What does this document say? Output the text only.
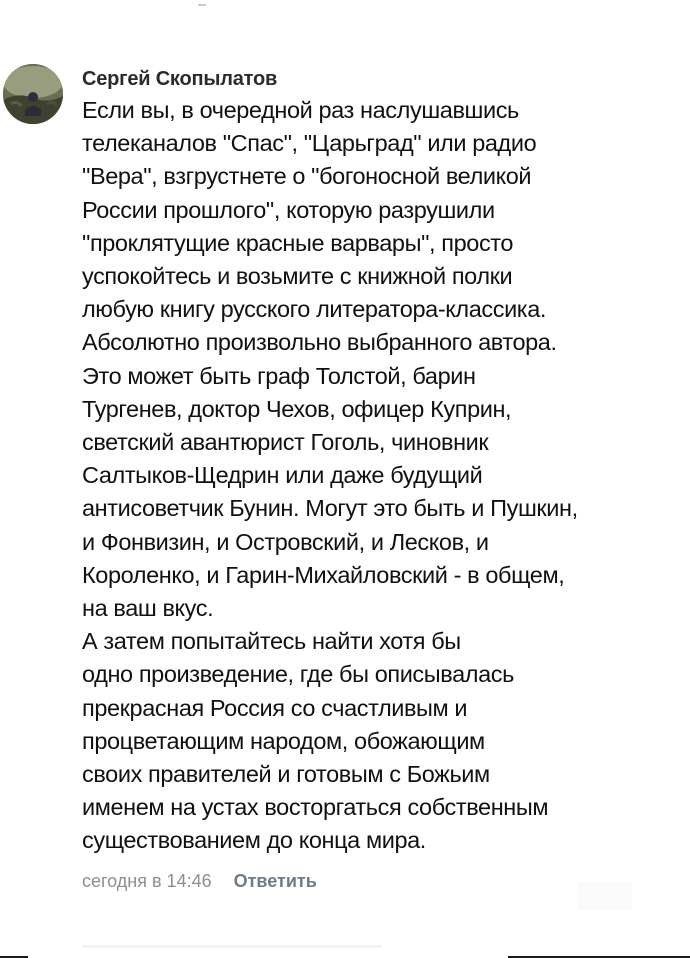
Сергей Скопылатов

Если вы, в очередной раз наслушавшись
телеканалов "Спас", "Царьград" или радио
"Вера", взгрустнете о "богоносной великой
России прошлого", которую разрушили
"проклятущие красные варвары", просто
успокойтесь и возьмите с книжной полки
любую книгу русского литератора-классика.
Абсолютно произвольно выбранного автора.
Это может быть граф Толстой, барин
Тургенев, доктор Чехов, офицер Куприн,
светский авантюрист Гоголь, чиновник
Салтыков-Щедрин или даже будущий
антисоветчик Бунин. Могут это быть и Пушкин,
и Фонвизин, и Островский, и Лесков, и
Короленко, и Гарин-Михайловский - в общем,
на ваш вкус.
А затем попытайтесь найти хотя бы
одно произведение, где бы описывалась
прекрасная Россия со счастливым и
процветающим народом, обожающим
своих правителей и готовым с Божьим
именем на устах восторгаться собственным
существованием до конца мира.

сегодня в 14:46 Ответить
